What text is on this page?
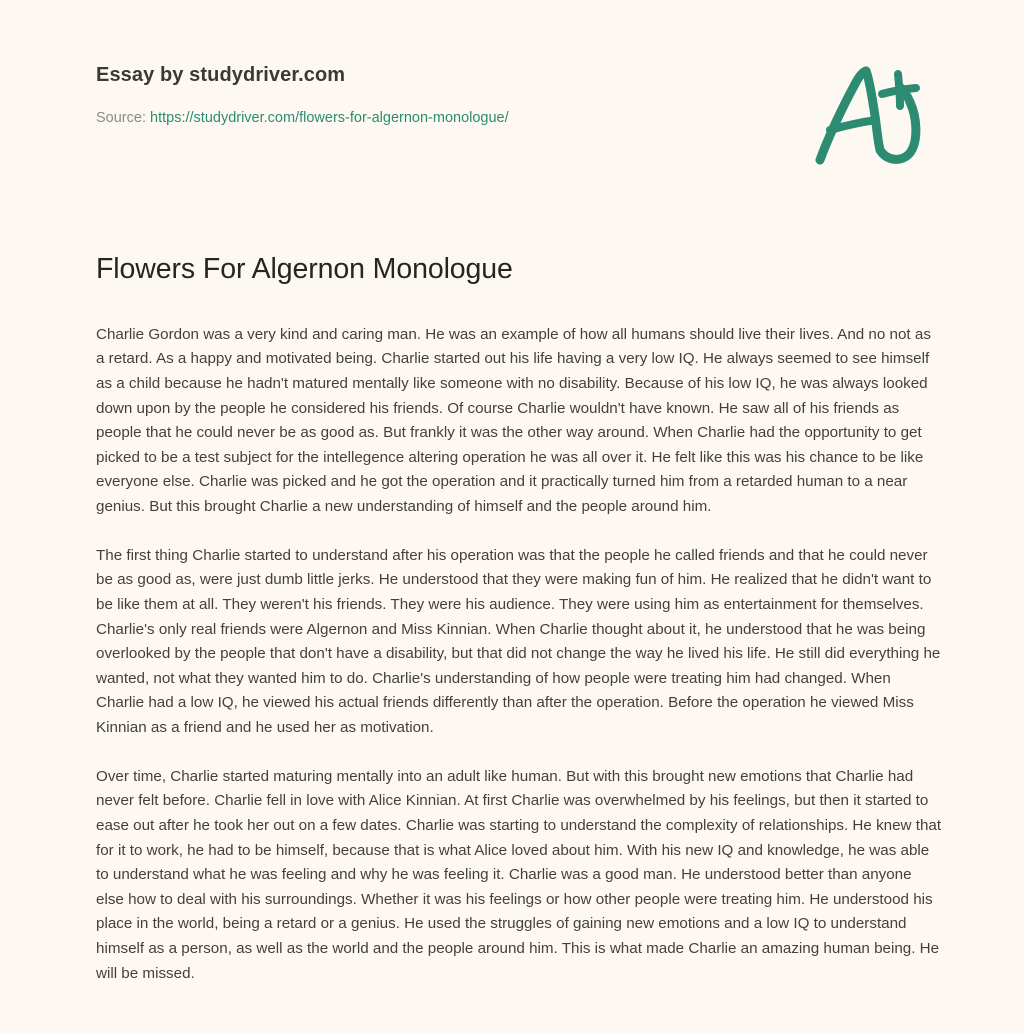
Essay by studydriver.com
Source: https://studydriver.com/flowers-for-algernon-monologue/
Flowers For Algernon Monologue

Charlie Gordon was a very kind and caring man. He was an example of how all humans should live their lives. And no not as a retard. As a happy and motivated being. Charlie started out his life having a very low IQ. He always seemed to see himself as a child because he hadn't matured mentally like someone with no disability. Because of his low IQ, he was always looked down upon by the people he considered his friends. Of course Charlie wouldn't have known. He saw all of his friends as people that he could never be as good as. But frankly it was the other way around. When Charlie had the opportunity to get picked to be a test subject for the intellegence altering operation he was all over it. He felt like this was his chance to be like everyone else. Charlie was picked and he got the operation and it practically turned him from a retarded human to a near genius. But this brought Charlie a new understanding of himself and the people around him.

The first thing Charlie started to understand after his operation was that the people he called friends and that he could never be as good as, were just dumb little jerks. He understood that they were making fun of him. He realized that he didn't want to be like them at all. They weren't his friends. They were his audience. They were using him as entertainment for themselves. Charlie's only real friends were Algernon and Miss Kinnian. When Charlie thought about it, he understood that he was being overlooked by the people that don't have a disability, but that did not change the way he lived his life. He still did everything he wanted, not what they wanted him to do. Charlie's understanding of how people were treating him had changed. When Charlie had a low IQ, he viewed his actual friends differently than after the operation. Before the operation he viewed Miss Kinnian as a friend and he used her as motivation.

Over time, Charlie started maturing mentally into an adult like human. But with this brought new emotions that Charlie had never felt before. Charlie fell in love with Alice Kinnian. At first Charlie was overwhelmed by his feelings, but then it started to ease out after he took her out on a few dates. Charlie was starting to understand the complexity of relationships. He knew that for it to work, he had to be himself, because that is what Alice loved about him. With his new IQ and knowledge, he was able to understand what he was feeling and why he was feeling it. Charlie was a good man. He understood better than anyone else how to deal with his surroundings. Whether it was his feelings or how other people were treating him. He understood his place in the world, being a retard or a genius. He used the struggles of gaining new emotions and a low IQ to understand himself as a person, as well as the world and the people around him. This is what made Charlie an amazing human being. He will be missed.
